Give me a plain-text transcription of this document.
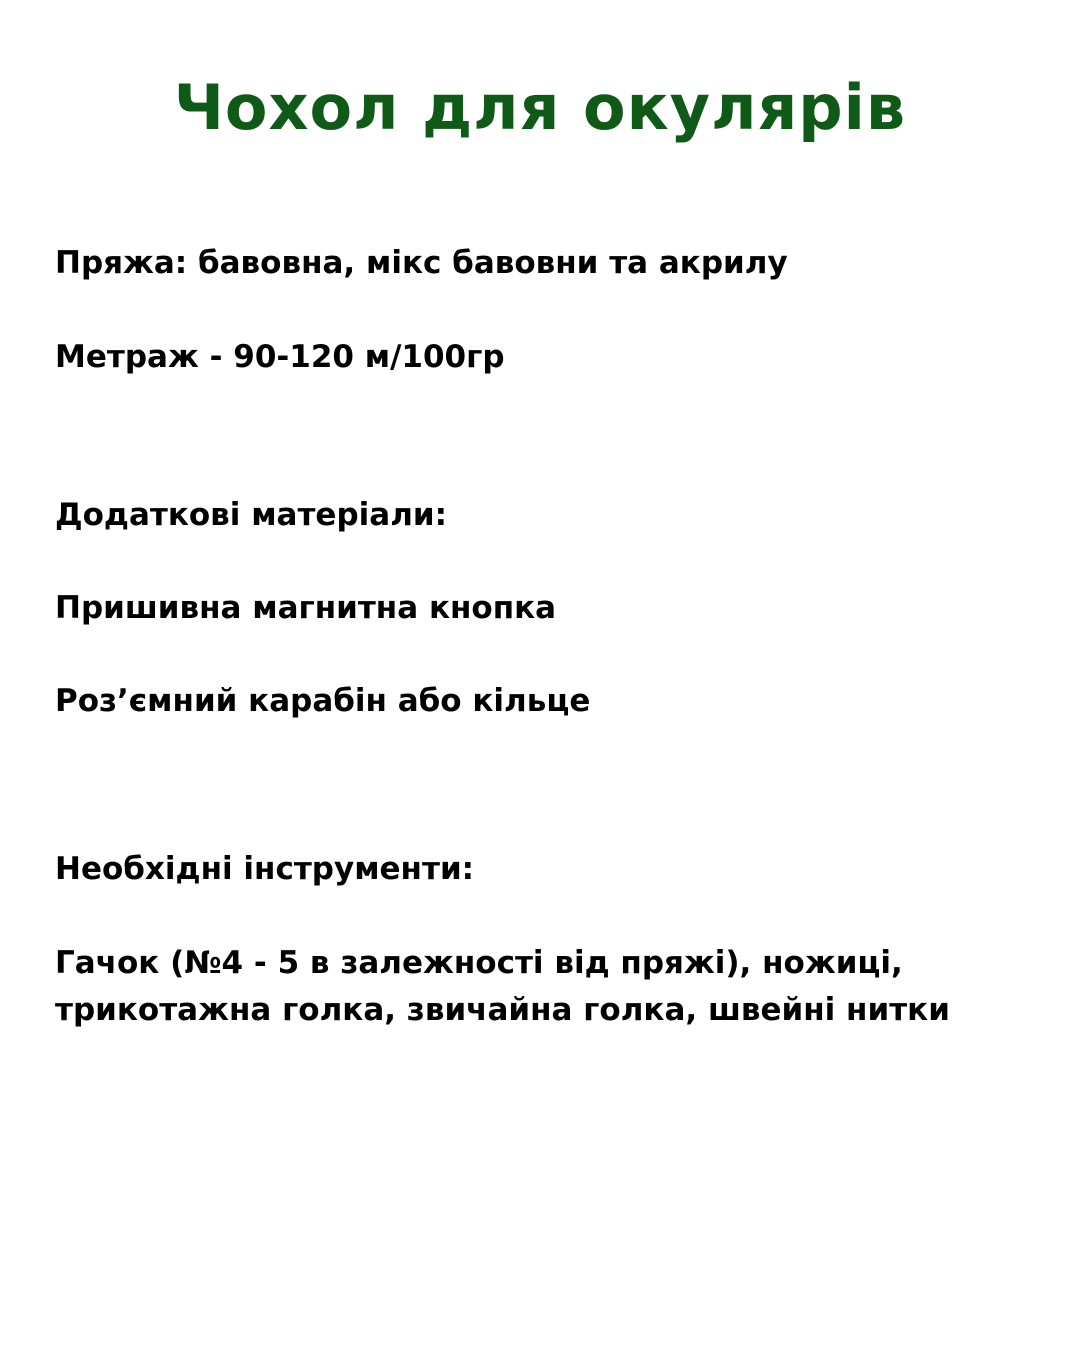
Чохол для окулярів

Пряжа: бавовна, мікс бавовни та акрилу

Метраж - 90-120 м/100гр

Додаткові матеріали:

Пришивна магнитна кнопка

Роз’ємний карабін або кільце

Необхідні інструменти:

Гачок (№4 - 5 в залежності від пряжі), ножиці,

трикотажна голка, звичайна голка, швейні нитки
